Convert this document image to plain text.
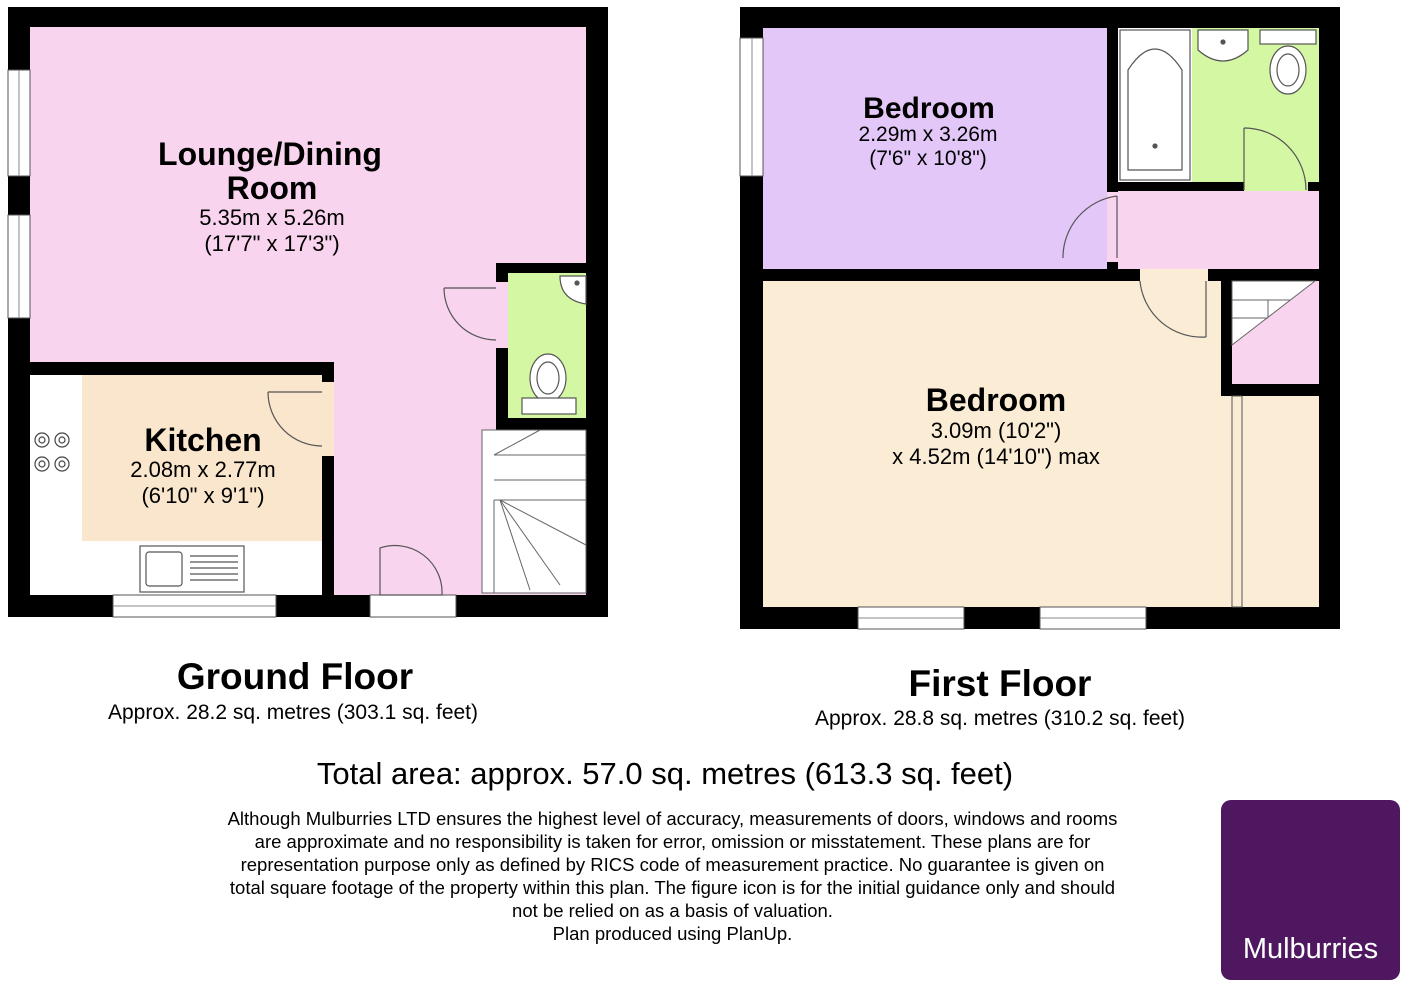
Lounge/Dining
Room
5.35m x 5.26m
(17'7" x 17'3")
Kitchen
2.08m x 2.77m
(6'10" x 9'1")
Bedroom
2.29m x 3.26m
(7'6" x 10'8")
Bedroom
3.09m (10'2")
x 4.52m (14'10") max
Ground Floor
Approx. 28.2 sq. metres (303.1 sq. feet)
First Floor
Approx. 28.8 sq. metres (310.2 sq. feet)
Total area: approx. 57.0 sq. metres (613.3 sq. feet)
Although Mulburries LTD ensures the highest level of accuracy, measurements of doors, windows and rooms
are approximate and no responsibility is taken for error, omission or misstatement. These plans are for
representation purpose only as defined by RICS code of measurement practice. No guarantee is given on
total square footage of the property within this plan. The figure icon is for the initial guidance only and should
not be relied on as a basis of valuation.
Plan produced using PlanUp.	Mulburries
